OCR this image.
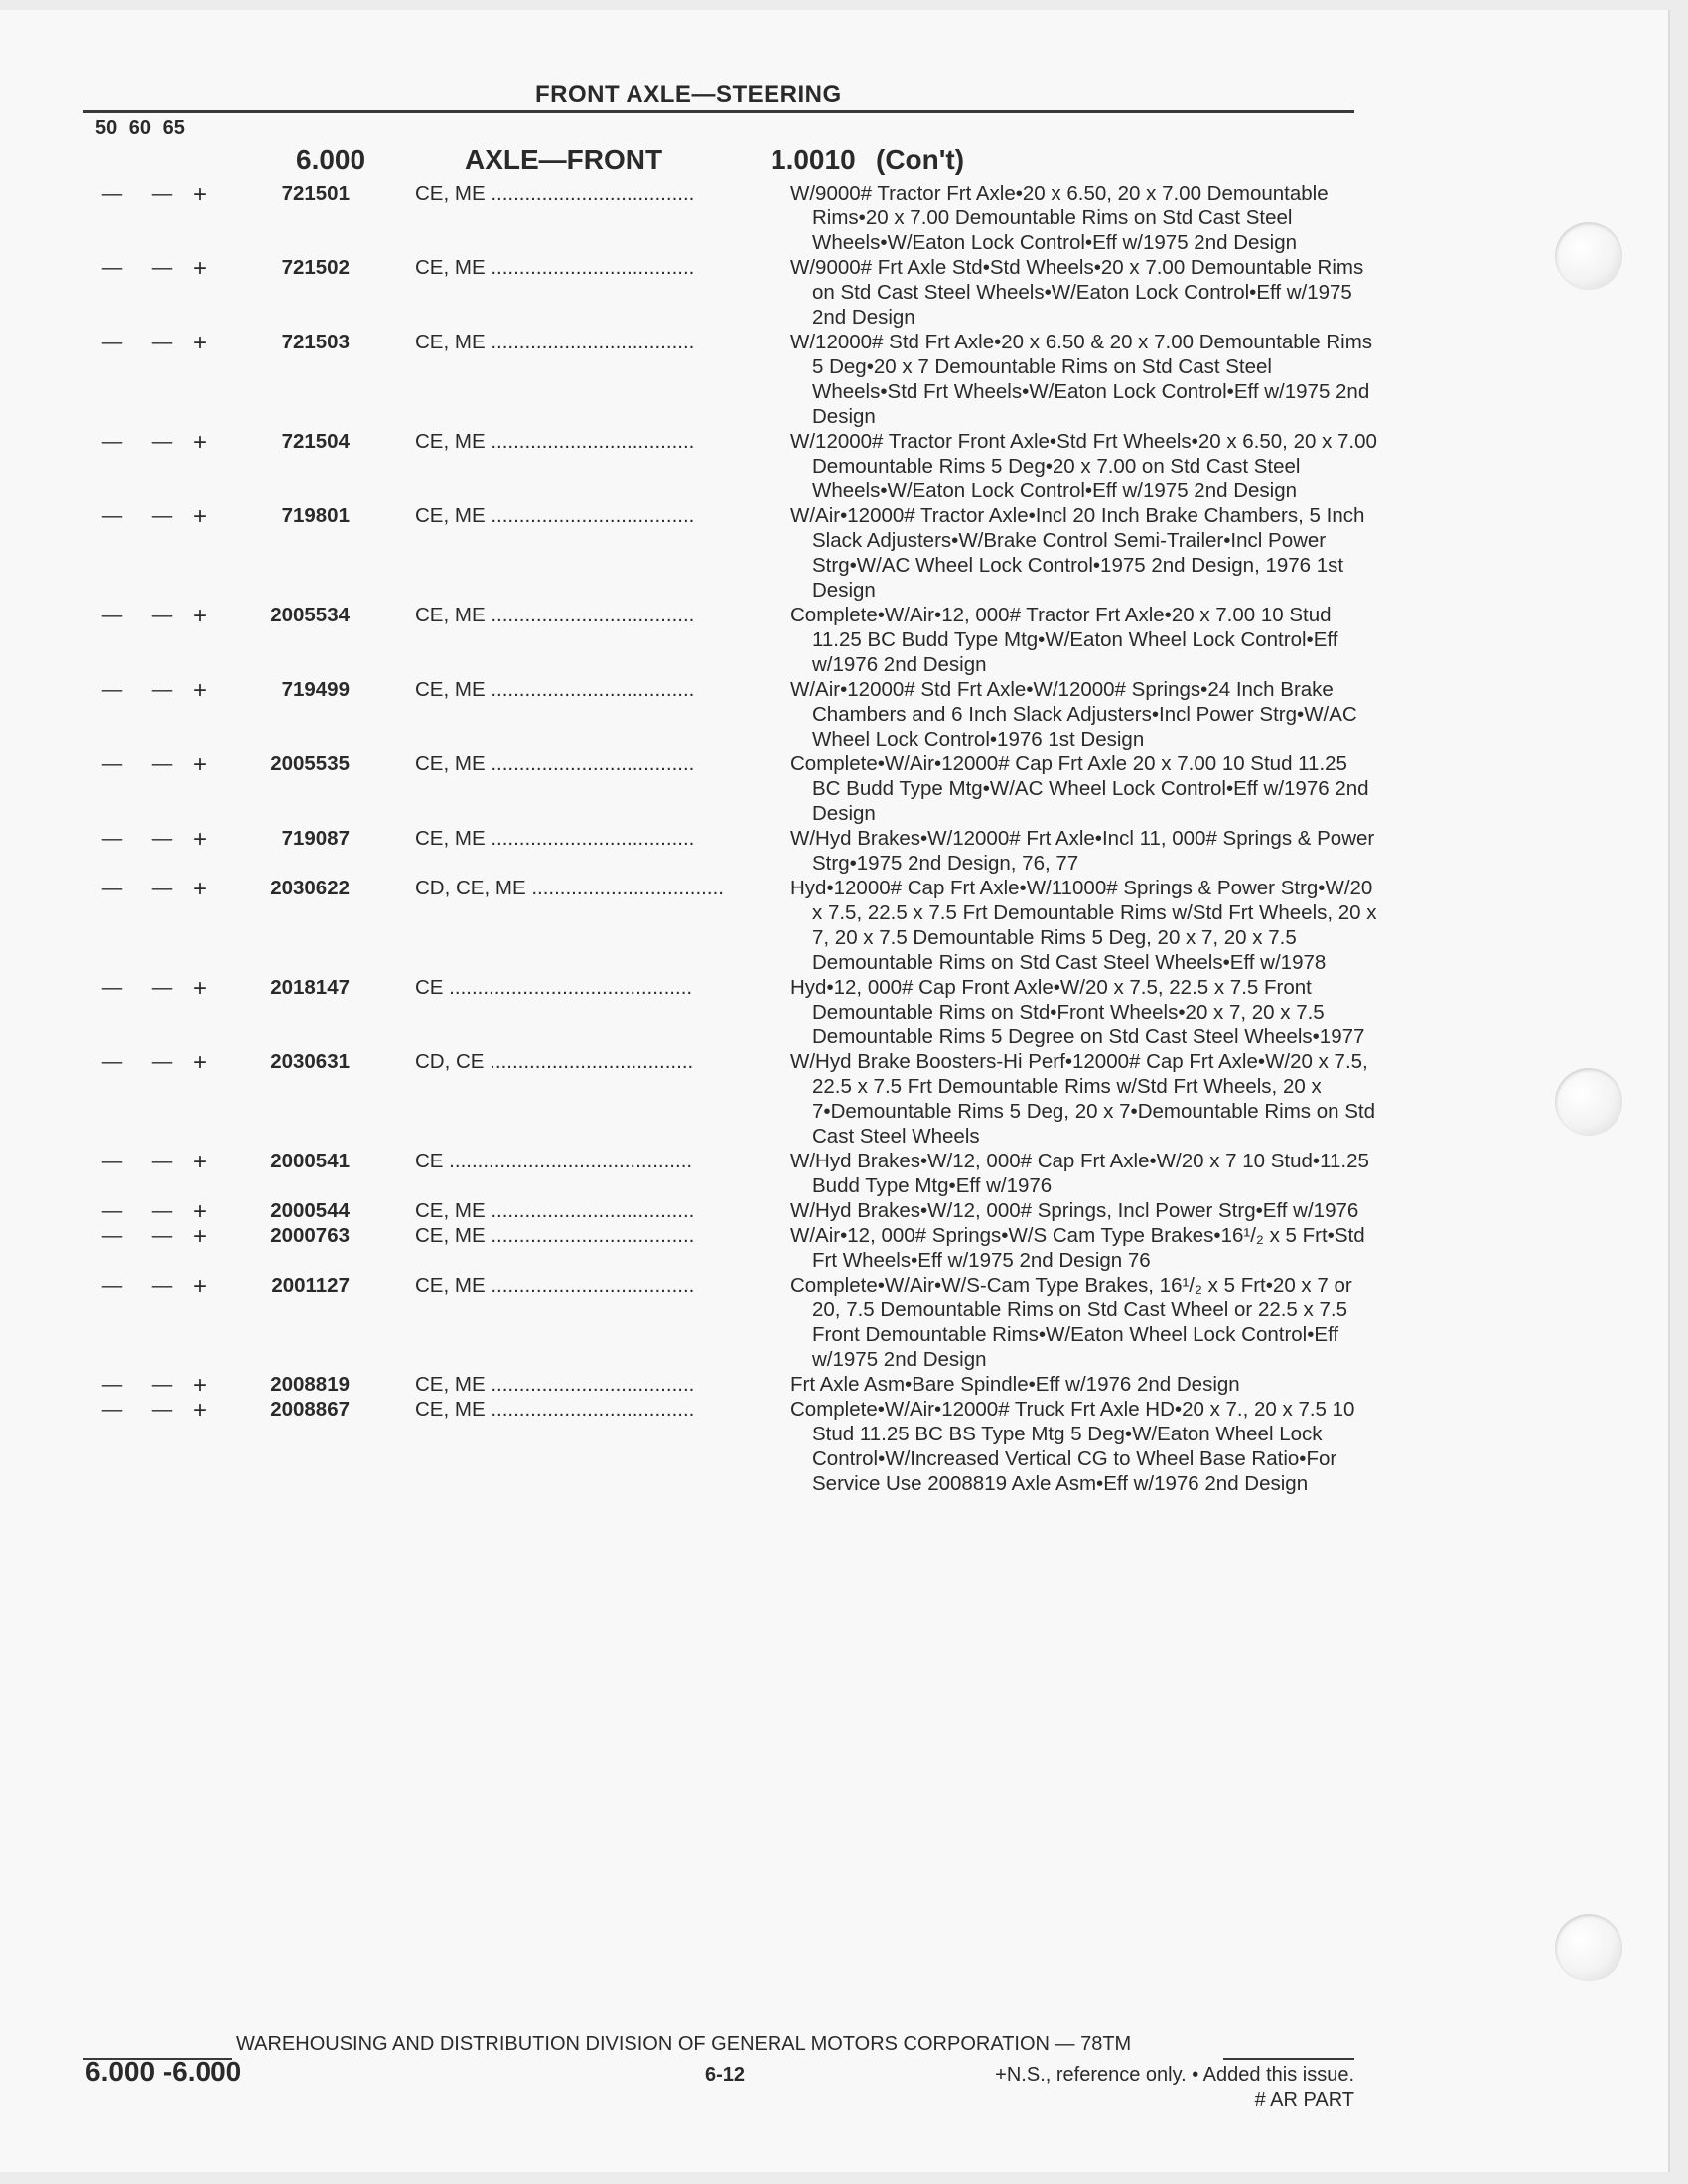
FRONT AXLE—STEERING
50 60 65
6.000	AXLE—FRONT	1.0010 (Con't)
— — +	721501	CE, ME ....................................	W/9000# Tractor Frt Axle•20 x 6.50, 20 x 7.00 Demountable Rims•20 x 7.00 Demountable Rims on Std Cast Steel Wheels•W/Eaton Lock Control•Eff w/1975 2nd Design
— — +	721502	CE, ME ....................................	W/9000# Frt Axle Std•Std Wheels•20 x 7.00 Demountable Rims on Std Cast Steel Wheels•W/Eaton Lock Control•Eff w/1975 2nd Design
— — +	721503	CE, ME ....................................	W/12000# Std Frt Axle•20 x 6.50 & 20 x 7.00 Demountable Rims 5 Deg•20 x 7 Demountable Rims on Std Cast Steel Wheels•Std Frt Wheels•W/Eaton Lock Control•Eff w/1975 2nd Design
— — +	721504	CE, ME ....................................	W/12000# Tractor Front Axle•Std Frt Wheels•20 x 6.50, 20 x 7.00 Demountable Rims 5 Deg•20 x 7.00 on Std Cast Steel Wheels•W/Eaton Lock Control•Eff w/1975 2nd Design
— — +	719801	CE, ME ....................................	W/Air•12000# Tractor Axle•Incl 20 Inch Brake Chambers, 5 Inch Slack Adjusters•W/Brake Control Semi-Trailer•Incl Power Strg•W/AC Wheel Lock Control•1975 2nd Design, 1976 1st Design
— — +	2005534	CE, ME ....................................	Complete•W/Air•12, 000# Tractor Frt Axle•20 x 7.00 10 Stud 11.25 BC Budd Type Mtg•W/Eaton Wheel Lock Control•Eff w/1976 2nd Design
— — +	719499	CE, ME ....................................	W/Air•12000# Std Frt Axle•W/12000# Springs•24 Inch Brake Chambers and 6 Inch Slack Adjusters•Incl Power Strg•W/AC Wheel Lock Control•1976 1st Design
— — +	2005535	CE, ME ....................................	Complete•W/Air•12000# Cap Frt Axle 20 x 7.00 10 Stud 11.25 BC Budd Type Mtg•W/AC Wheel Lock Control•Eff w/1976 2nd Design
— — +	719087	CE, ME ....................................	W/Hyd Brakes•W/12000# Frt Axle•Incl 11, 000# Springs & Power Strg•1975 2nd Design, 76, 77
— — +	2030622	CD, CE, ME ..................................	Hyd•12000# Cap Frt Axle•W/11000# Springs & Power Strg•W/20 x 7.5, 22.5 x 7.5 Frt Demountable Rims w/Std Frt Wheels, 20 x 7, 20 x 7.5 Demountable Rims 5 Deg, 20 x 7, 20 x 7.5 Demountable Rims on Std Cast Steel Wheels•Eff w/1978
— — +	2018147	CE ...........................................	Hyd•12, 000# Cap Front Axle•W/20 x 7.5, 22.5 x 7.5 Front Demountable Rims on Std•Front Wheels•20 x 7, 20 x 7.5 Demountable Rims 5 Degree on Std Cast Steel Wheels•1977
— — +	2030631	CD, CE ....................................	W/Hyd Brake Boosters-Hi Perf•12000# Cap Frt Axle•W/20 x 7.5, 22.5 x 7.5 Frt Demountable Rims w/Std Frt Wheels, 20 x 7•Demountable Rims 5 Deg, 20 x 7•Demountable Rims on Std Cast Steel Wheels
— — +	2000541	CE ...........................................	W/Hyd Brakes•W/12, 000# Cap Frt Axle•W/20 x 7 10 Stud•11.25 Budd Type Mtg•Eff w/1976
— — +	2000544	CE, ME ....................................	W/Hyd Brakes•W/12, 000# Springs, Incl Power Strg•Eff w/1976
— — +	2000763	CE, ME ....................................	W/Air•12, 000# Springs•W/S Cam Type Brakes•16¹/₂ x 5 Frt•Std Frt Wheels•Eff w/1975 2nd Design 76
— — +	2001127	CE, ME ....................................	Complete•W/Air•W/S-Cam Type Brakes, 16¹/₂ x 5 Frt•20 x 7 or 20, 7.5 Demountable Rims on Std Cast Wheel or 22.5 x 7.5 Front Demountable Rims•W/Eaton Wheel Lock Control•Eff w/1975 2nd Design
— — +	2008819	CE, ME ....................................	Frt Axle Asm•Bare Spindle•Eff w/1976 2nd Design
— — +	2008867	CE, ME ....................................	Complete•W/Air•12000# Truck Frt Axle HD•20 x 7., 20 x 7.5 10 Stud 11.25 BC BS Type Mtg 5 Deg•W/Eaton Wheel Lock Control•W/Increased Vertical CG to Wheel Base Ratio•For Service Use 2008819 Axle Asm•Eff w/1976 2nd Design
WAREHOUSING AND DISTRIBUTION DIVISION OF GENERAL MOTORS CORPORATION — 78TM
6.000 -6.000	6-12	+N.S., reference only. • Added this issue.
# AR PART
